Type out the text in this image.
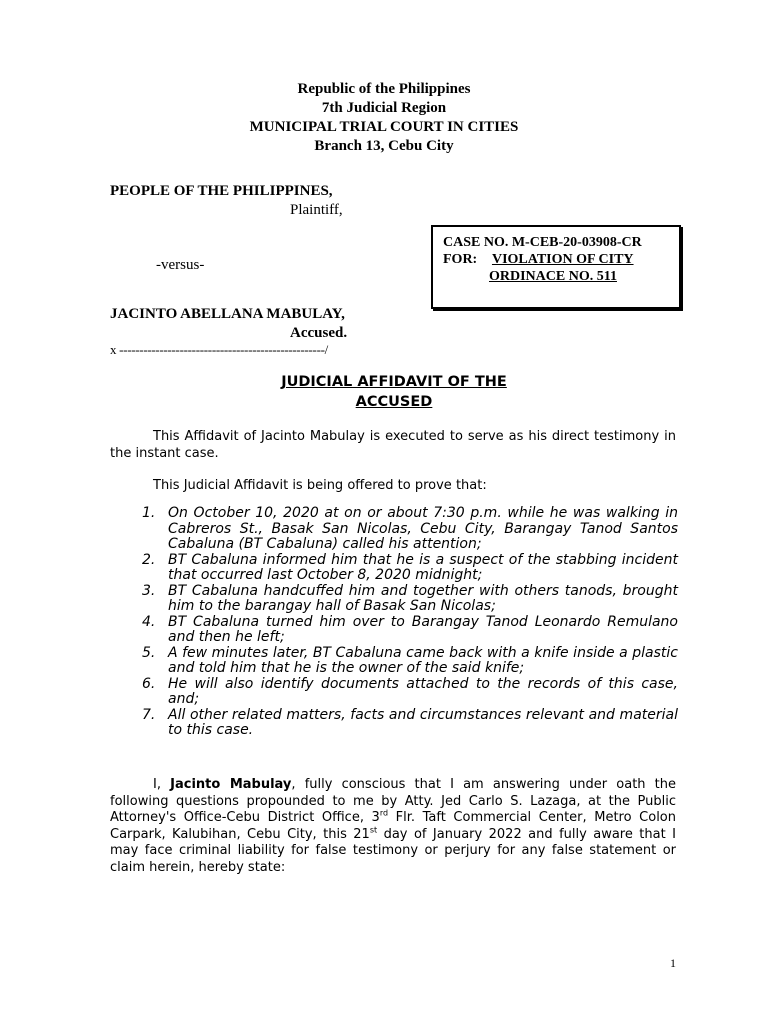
Republic of the Philippines
7th Judicial Region
MUNICIPAL TRIAL COURT IN CITIES
Branch 13, Cebu City
PEOPLE OF THE PHILIPPINES,
Plaintiff,
-versus-
JACINTO ABELLANA MABULAY,
Accused.
x ---------------------------------------------------/
CASE NO. M-CEB-20-03908-CR
FOR: VIOLATION OF CITY
ORDINACE NO. 511
JUDICIAL AFFIDAVIT OF THE
ACCUSED
This Affidavit of Jacinto Mabulay is executed to serve as his direct testimony in the instant case.
This Judicial Affidavit is being offered to prove that:
1. On October 10, 2020 at on or about 7:30 p.m. while he was walking in Cabreros St., Basak San Nicolas, Cebu City, Barangay Tanod Santos Cabaluna (BT Cabaluna) called his attention;
2. BT Cabaluna informed him that he is a suspect of the stabbing incident that occurred last October 8, 2020 midnight;
3. BT Cabaluna handcuffed him and together with others tanods, brought him to the barangay hall of Basak San Nicolas;
4. BT Cabaluna turned him over to Barangay Tanod Leonardo Remulano and then he left;
5. A few minutes later, BT Cabaluna came back with a knife inside a plastic and told him that he is the owner of the said knife;
6. He will also identify documents attached to the records of this case, and;
7. All other related matters, facts and circumstances relevant and material to this case.
I, Jacinto Mabulay, fully conscious that I am answering under oath the following questions propounded to me by Atty. Jed Carlo S. Lazaga, at the Public Attorney's Office-Cebu District Office, 3rd Flr. Taft Commercial Center, Metro Colon Carpark, Kalubihan, Cebu City, this 21st day of January 2022 and fully aware that I may face criminal liability for false testimony or perjury for any false statement or claim herein, hereby state:
1
